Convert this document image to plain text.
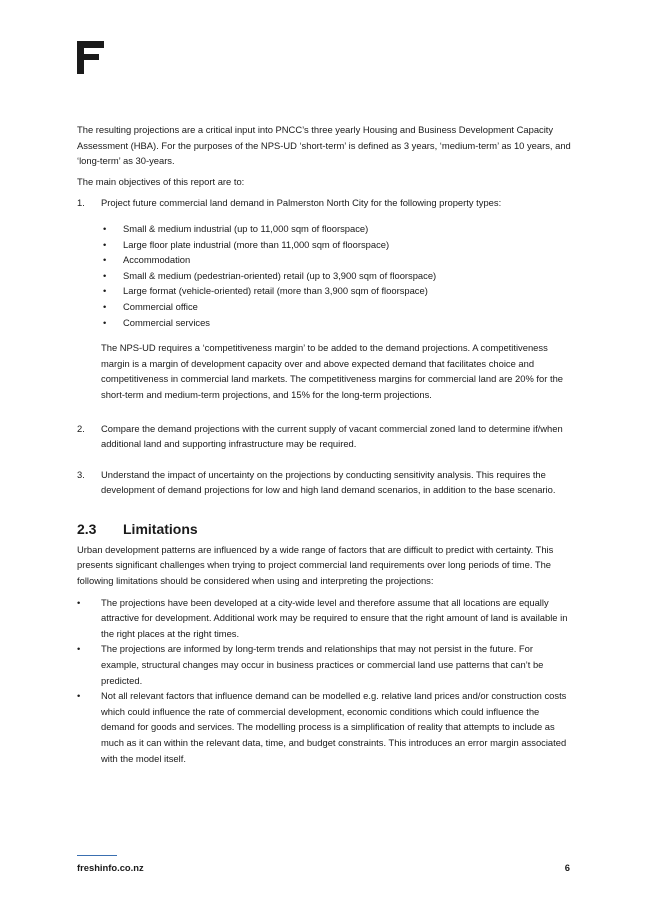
The resulting projections are a critical input into PNCC’s three yearly Housing and Business Development Capacity Assessment (HBA). For the purposes of the NPS-UD ‘short-term’ is defined as 3 years, ‘medium-term’ as 10 years, and ‘long-term’ as 30-years.

The main objectives of this report are to:

1. Project future commercial land demand in Palmerston North City for the following property types:
• Small & medium industrial (up to 11,000 sqm of floorspace)
• Large floor plate industrial (more than 11,000 sqm of floorspace)
• Accommodation
• Small & medium (pedestrian-oriented) retail (up to 3,900 sqm of floorspace)
• Large format (vehicle-oriented) retail (more than 3,900 sqm of floorspace)
• Commercial office
• Commercial services

The NPS-UD requires a ‘competitiveness margin’ to be added to the demand projections. A competitiveness margin is a margin of development capacity over and above expected demand that facilitates choice and competitiveness in commercial land markets. The competitiveness margins for commercial land are 20% for the short-term and medium-term projections, and 15% for the long-term projections.

2. Compare the demand projections with the current supply of vacant commercial zoned land to determine if/when additional land and supporting infrastructure may be required.
3. Understand the impact of uncertainty on the projections by conducting sensitivity analysis. This requires the development of demand projections for low and high land demand scenarios, in addition to the base scenario.
2.3	Limitations

Urban development patterns are influenced by a wide range of factors that are difficult to predict with certainty. This presents significant challenges when trying to project commercial land requirements over long periods of time. The following limitations should be considered when using and interpreting the projections:

• The projections have been developed at a city-wide level and therefore assume that all locations are equally attractive for development. Additional work may be required to ensure that the right amount of land is available in the right places at the right times.
• The projections are informed by long-term trends and relationships that may not persist in the future. For example, structural changes may occur in business practices or commercial land use patterns that can’t be predicted.
• Not all relevant factors that influence demand can be modelled e.g. relative land prices and/or construction costs which could influence the rate of commercial development, economic conditions which could influence the demand for goods and services. The modelling process is a simplification of reality that attempts to include as much as it can within the relevant data, time, and budget constraints. This introduces an error margin associated with the model itself.
freshinfo.co.nz	6
